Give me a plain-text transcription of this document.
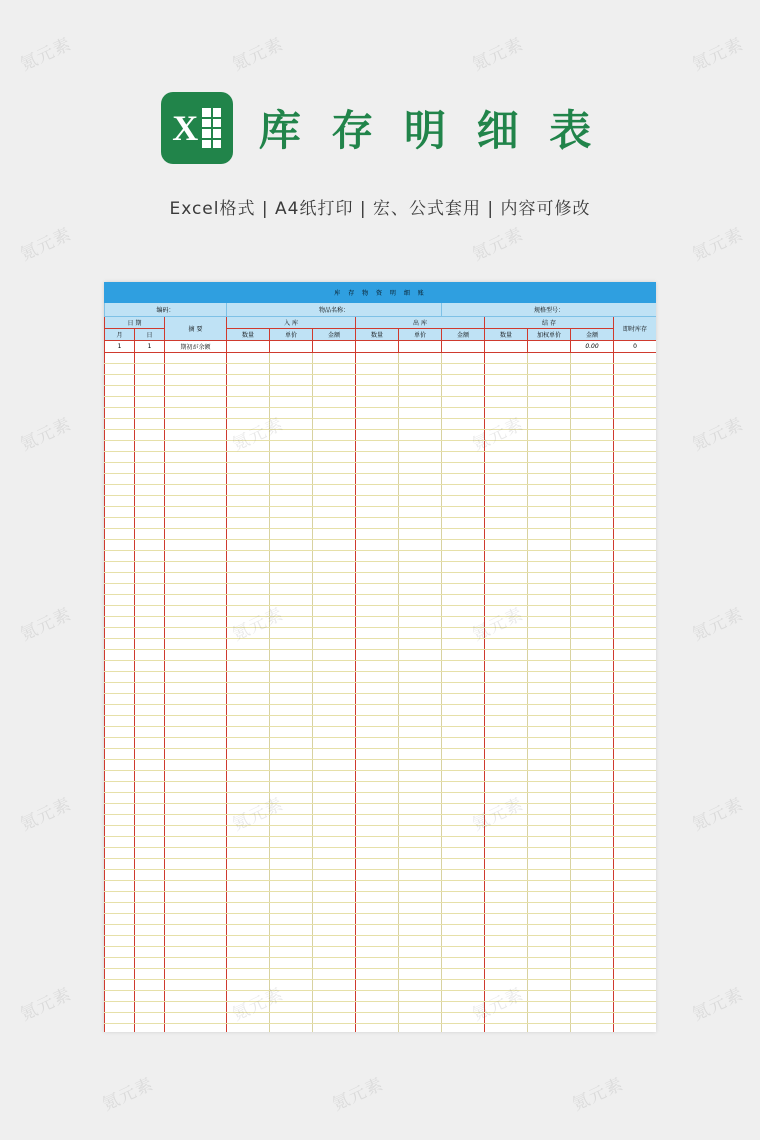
氪元素	氪元素	氪元素	氪元素
氪元素	氪元素	氪元素
氪元素	氪元素
氪元素	氪元素
氪元素	氪元素
氪元素	氪元素
氪元素	氪元素	氪元素
X 库 存 明 细 表
Excel格式 | A4纸打印 | 宏、公式套用 | 内容可修改
库 存 物 资 明 细 账												
编码：			物品名称：					规格型号：				
日 期		摘 要	入 库			出 库			结 存			即时库存
月	日		数量	单价	金额	数量	单价	金额	数量	加权单价	金额	
1	1	期初が余额									0.00	0
